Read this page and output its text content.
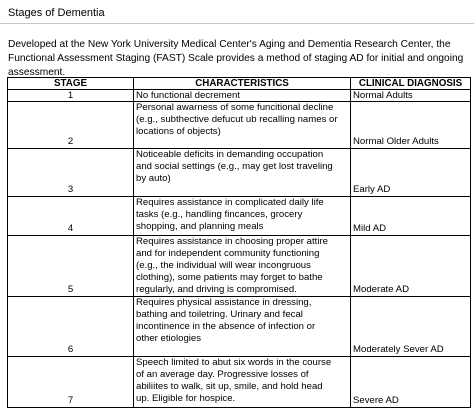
Stages of Dementia
Developed at the New York University Medical Center's Aging and Dementia Research Center, the Functional Assessment Staging (FAST) Scale provides a method of staging AD for initial and ongoing assessment.
STAGE	CHARACTERISTICS	CLINICAL DIAGNOSIS
1	No functional decrement	Normal Adults
2	Personal awarness of some funcitional decline
(e.g., subthective defucut ub recalling names or
locations of objects)	Normal Older Adults
3	Noticeable deficits in demanding occupation
and social settings (e.g., may get lost traveling
by auto)	Early AD
4	Requires assistance in complicated daily life
tasks (e.g., handling fincances, grocery
shopping, and planning meals	Mild AD
5	Requires assistance in choosing proper attire
and for independent community functioning
(e.g., the individual will wear incongruous
clothing), some patients may forget to bathe
regularly, and driving is compromised.	Moderate AD
6	Requires physical assistance in dressing,
bathing and toiletring. Urinary and fecal
incontinence in the absence of infection or
other etiologies	Moderately Sever AD
7	Speech limited to abut six words in the course
of an average day. Progressive losses of
abiliites to walk, sit up, smile, and hold head
up. Eligible for hospice.	Severe AD
